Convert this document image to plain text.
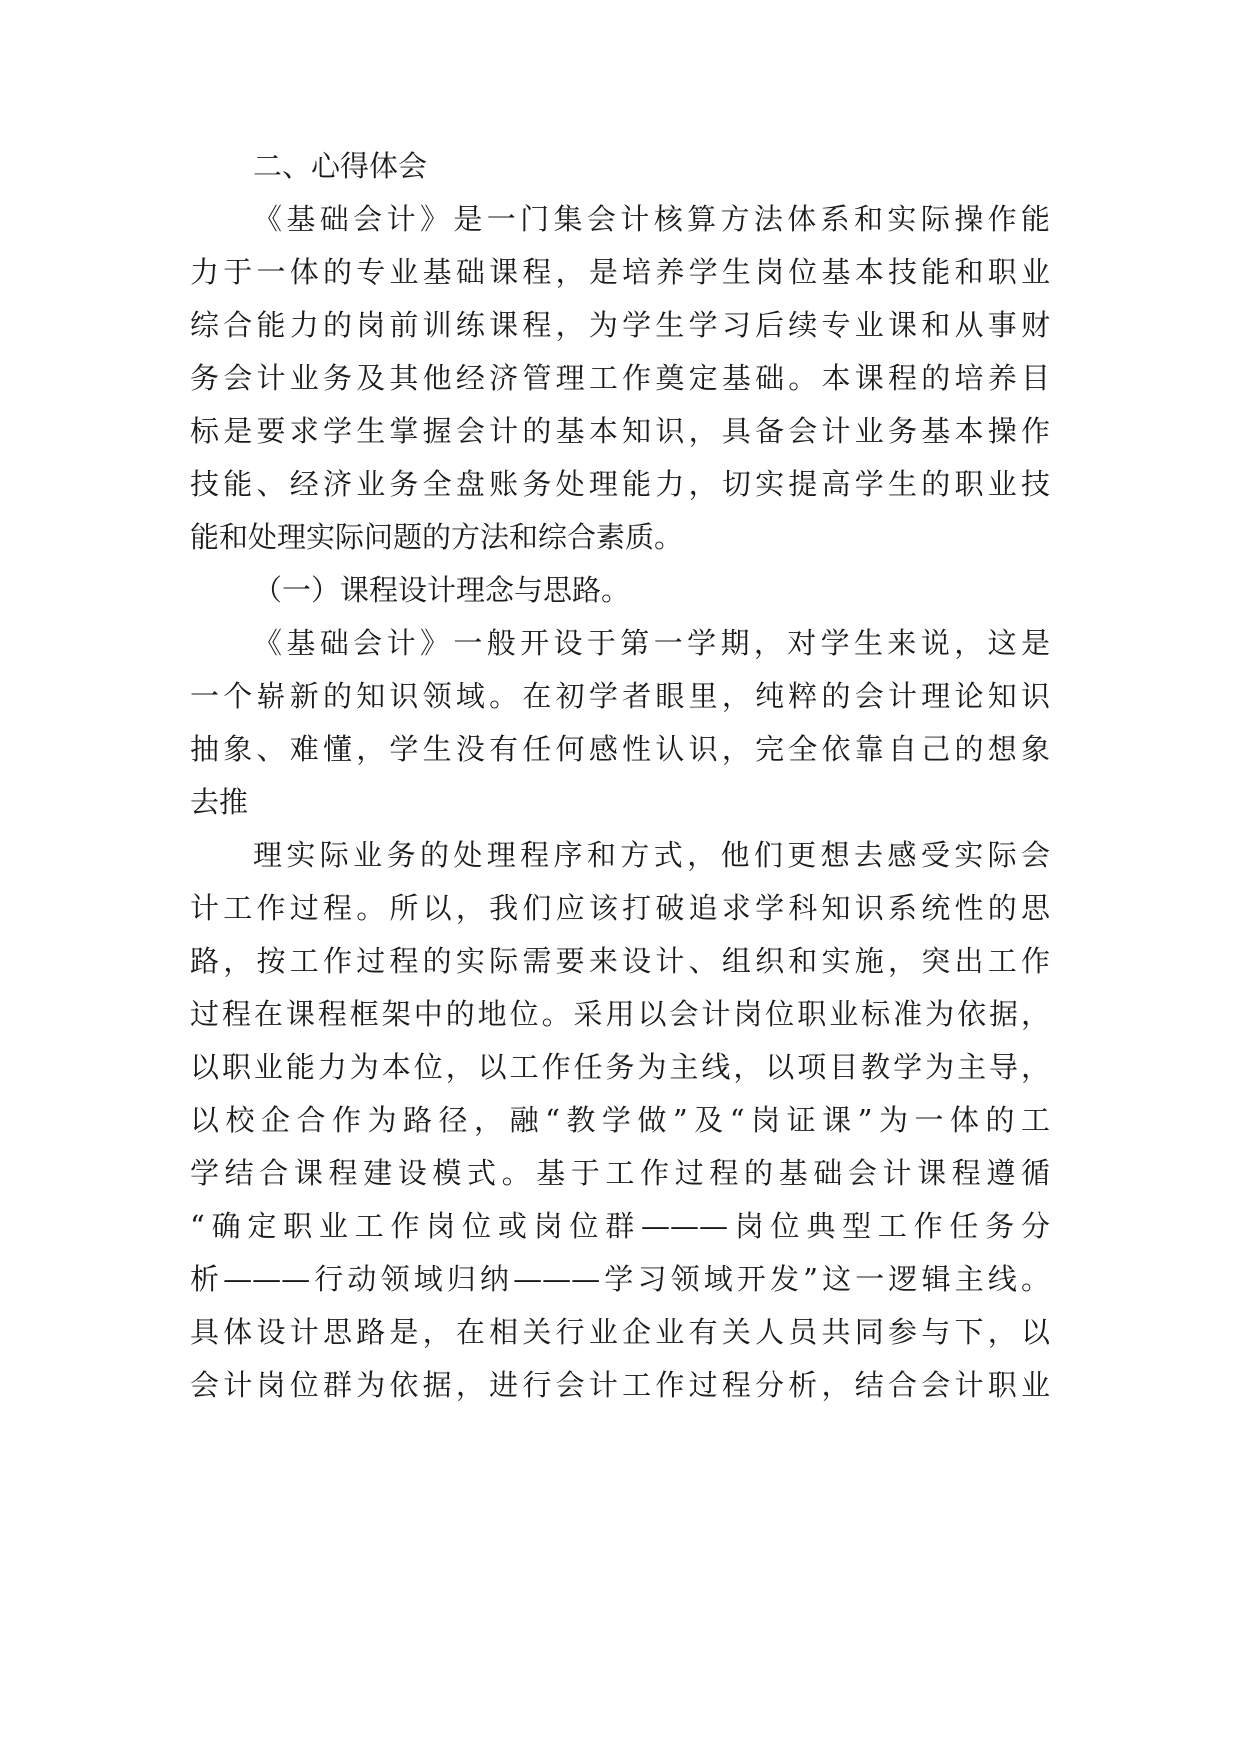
二、心得体会
《基础会计》是一门集会计核算方法体系和实际操作能
力于一体的专业基础课程，是培养学生岗位基本技能和职业
综合能力的岗前训练课程，为学生学习后续专业课和从事财
务会计业务及其他经济管理工作奠定基础。本课程的培养目
标是要求学生掌握会计的基本知识，具备会计业务基本操作
技能、经济业务全盘账务处理能力，切实提高学生的职业技
能和处理实际问题的方法和综合素质。
（一）课程设计理念与思路。
《基础会计》一般开设于第一学期，对学生来说，这是
一个崭新的知识领域。在初学者眼里，纯粹的会计理论知识
抽象、难懂，学生没有任何感性认识，完全依靠自己的想象
去推
理实际业务的处理程序和方式，他们更想去感受实际会
计工作过程。所以，我们应该打破追求学科知识系统性的思
路，按工作过程的实际需要来设计、组织和实施，突出工作
过程在课程框架中的地位。采用以会计岗位职业标准为依据，
以职业能力为本位，以工作任务为主线，以项目教学为主导，
以校企合作为路径，融“教学做”及“岗证课”为一体的工
学结合课程建设模式。基于工作过程的基础会计课程遵循
“确定职业工作岗位或岗位群———岗位典型工作任务分
析———行动领域归纳———学习领域开发”这一逻辑主线。
具体设计思路是，在相关行业企业有关人员共同参与下，以
会计岗位群为依据，进行会计工作过程分析，结合会计职业
